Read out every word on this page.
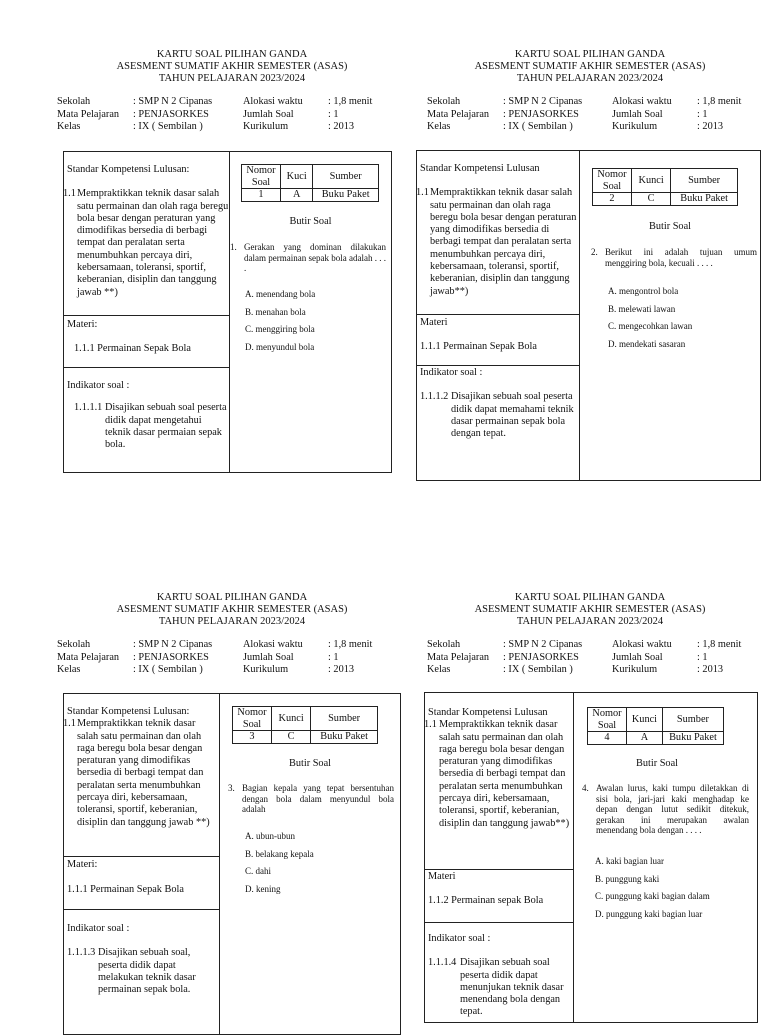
KARTU SOAL PILIHAN GANDA
ASESMENT SUMATIF AKHIR SEMESTER (ASAS)
TAHUN PELAJARAN 2023/2024
Sekolah	: SMP N 2 Cipanas	Alokasi waktu : 1,8 menit
Mata Pelajaran : PENJASORKES	Jumlah Soal	: 1
Kelas	: IX ( Sembilan )	Kurikulum	: 2013
Standar Kompetensi Lulusan:
1.1 Mempraktikkan teknik dasar salah satu permainan dan olah raga beregu bola besar dengan peraturan yang dimodifikas bersedia di berbagi tempat dan peralatan serta menumbuhkan percaya diri, kebersamaan, toleransi, sportif, keberanian, disiplin dan tanggung jawab **)
Materi:
1.1.1 Permainan Sepak Bola
Indikator soal :
1.1.1.1 Disajikan sebuah soal peserta didik dapat mengetahui teknik dasar permaian sepak bola.
Nomor Soal	Kuci	Sumber
1	A	Buku Paket
Butir Soal
1. Gerakan yang dominan dilakukan dalam permainan sepak bola adalah . . . .
A. menendang bola
B. menahan bola
C. menggiring bola
D. menyundul bola
KARTU SOAL PILIHAN GANDA
ASESMENT SUMATIF AKHIR SEMESTER (ASAS)
TAHUN PELAJARAN 2023/2024
Sekolah	: SMP N 2 Cipanas	Alokasi waktu : 1,8 menit
Mata Pelajaran : PENJASORKES	Jumlah Soal	: 1
Kelas	: IX ( Sembilan )	Kurikulum	: 2013
Standar Kompetensi Lulusan
1.1 Mempraktikkan teknik dasar salah satu permainan dan olah raga beregu bola besar dengan peraturan yang dimodifikas bersedia di berbagi tempat dan peralatan serta menumbuhkan percaya diri, kebersamaan, toleransi, sportif, keberanian, disiplin dan tanggung jawab**)
Materi
1.1.1 Permainan Sepak Bola
Indikator soal :
1.1.1.2 Disajikan sebuah soal peserta didik dapat memahami teknik dasar permainan sepak bola dengan tepat.
Nomor Soal	Kunci	Sumber
2	C	Buku Paket
Butir Soal
2. Berikut ini adalah tujuan umum menggiring bola, kecuali . . . .
A. mengontrol bola
B. melewati lawan
C. mengecohkan lawan
D. mendekati sasaran
KARTU SOAL PILIHAN GANDA
ASESMENT SUMATIF AKHIR SEMESTER (ASAS)
TAHUN PELAJARAN 2023/2024
Sekolah	: SMP N 2 Cipanas	Alokasi waktu : 1,8 menit
Mata Pelajaran : PENJASORKES	Jumlah Soal	: 1
Kelas	: IX ( Sembilan )	Kurikulum	: 2013
Standar Kompetensi Lulusan:
1.1 Mempraktikkan teknik dasar salah satu permainan dan olah raga beregu bola besar dengan peraturan yang dimodifikas bersedia di berbagi tempat dan peralatan serta menumbuhkan percaya diri, kebersamaan, toleransi, sportif, keberanian, disiplin dan tanggung jawab **)
Materi:
1.1.1 Permainan Sepak Bola
Indikator soal :
1.1.1.3 Disajikan sebuah soal, peserta didik dapat melakukan teknik dasar permainan sepak bola.
Nomor Soal	Kunci	Sumber
3	C	Buku Paket
Butir Soal
3. Bagian kepala yang tepat bersentuhan dengan bola dalam menyundul bola adalah
A. ubun-ubun
B. belakang kepala
C. dahi
D. kening
KARTU SOAL PILIHAN GANDA
ASESMENT SUMATIF AKHIR SEMESTER (ASAS)
TAHUN PELAJARAN 2023/2024
Sekolah	: SMP N 2 Cipanas	Alokasi waktu : 1,8 menit
Mata Pelajaran : PENJASORKES	Jumlah Soal	: 1
Kelas	: IX ( Sembilan )	Kurikulum	: 2013
Standar Kompetensi Lulusan
1.1 Mempraktikkan teknik dasar salah satu permainan dan olah raga beregu bola besar dengan peraturan yang dimodifikas bersedia di berbagi tempat dan peralatan serta menumbuhkan percaya diri, kebersamaan, toleransi, sportif, keberanian, disiplin dan tanggung jawab**)
Materi
1.1.2 Permainan sepak Bola
Indikator soal :
1.1.1.4 Disajikan sebuah soal peserta didik dapat menunjukan teknik dasar menendang bola dengan tepat.
Nomor Soal	Kunci	Sumber
4	A	Buku Paket
Butir Soal
4. Awalan lurus, kaki tumpu diletakkan di sisi bola, jari-jari kaki menghadap ke depan dengan lutut sedikit ditekuk, gerakan ini merupakan awalan menendang bola dengan . . . .
A. kaki bagian luar
B. punggung kaki
C. punggung kaki bagian dalam
D. punggung kaki bagian luar
